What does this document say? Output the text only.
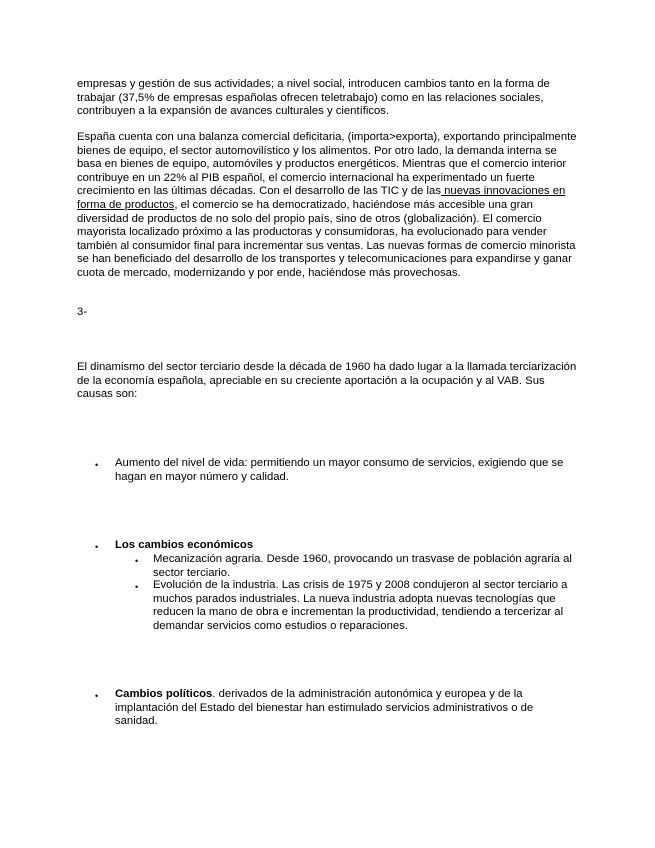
empresas y gestión de sus actividades; a nivel social, introducen cambios tanto en la forma de trabajar (37,5% de empresas españolas ofrecen teletrabajo) como en las relaciones sociales, contribuyen a la expansión de avances culturales y científicos.

España cuenta con una balanza comercial deficitaria, (importa>exporta), exportando principalmente bienes de equipo, el sector automovilístico y los alimentos. Por otro lado, la demanda interna se basa en bienes de equipo, automóviles y productos energéticos. Mientras que el comercio interior contribuye en un 22% al PIB español, el comercio internacional ha experimentado un fuerte crecimiento en las últimas décadas. Con el desarrollo de las TIC y de las nuevas innovaciones en forma de productos, el comercio se ha democratizado, haciéndose más accesible una gran diversidad de productos de no solo del propio país, sino de otros (globalización). El comercio mayorista localizado próximo a las productoras y consumidoras, ha evolucionado para vender también al consumidor final para incrementar sus ventas. Las nuevas formas de comercio minorista se han beneficiado del desarrollo de los transportes y telecomunicaciones para expandirse y ganar cuota de mercado, modernizando y por ende, haciéndose más provechosas.

3-

El dinamismo del sector terciario desde la década de 1960 ha dado lugar a la llamada terciarización de la economía española, apreciable en su creciente aportación a la ocupación y al VAB. Sus causas son:

• Aumento del nivel de vida: permitiendo un mayor consumo de servicios, exigiendo que se hagan en mayor número y calidad.

• Los cambios económicos

• Mecanización agraria. Desde 1960, provocando un trasvase de población agraria al sector terciario.

• Evolución de la industria. Las crisis de 1975 y 2008 condujeron al sector terciario a muchos parados industriales. La nueva industria adopta nuevas tecnologías que reducen la mano de obra e incrementan la productividad, tendiendo a tercerizar al demandar servicios como estudios o reparaciones.

• Cambios políticos. derivados de la administración autonómica y europea y de la implantación del Estado del bienestar han estimulado servicios administrativos o de sanidad.
